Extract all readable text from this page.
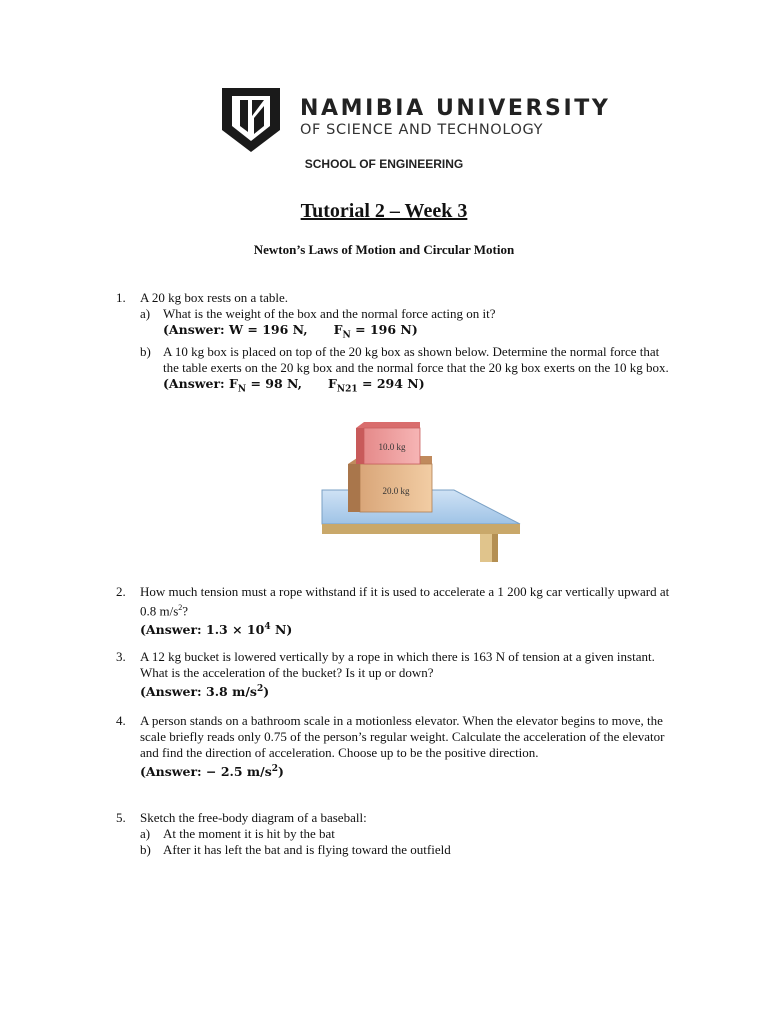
NAMIBIA UNIVERSITY
OF SCIENCE AND TECHNOLOGY
SCHOOL OF ENGINEERING
Tutorial 2 – Week 3
Newton’s Laws of Motion and Circular Motion
1. A 20 kg box rests on a table.
a) What is the weight of the box and the normal force acting on it?
(Answer: W = 196 N, $F_N = 196$ N)
b) A 10 kg box is placed on top of the 20 kg box as shown below. Determine the normal force that the table exerts on the 20 kg box and the normal force that the 20 kg box exerts on the 10 kg box.
(Answer: $F_N = 98$ N, $F_{N21} = 294$ N)
10.0 kg
20.0 kg
2. How much tension must a rope withstand if it is used to accelerate a 1 200 kg car vertically upward at 0.8 $m/s^2$?
(Answer: $1.3 \times 10^4$ N)
3. A 12 kg bucket is lowered vertically by a rope in which there is 163 N of tension at a given instant. What is the acceleration of the bucket? Is it up or down?
(Answer: 3.8 $m/s^2$)
4. A person stands on a bathroom scale in a motionless elevator. When the elevator begins to move, the scale briefly reads only 0.75 of the person’s regular weight. Calculate the acceleration of the elevator and find the direction of acceleration. Choose up to be the positive direction.
(Answer: − 2.5 $m/s^2$)
5. Sketch the free-body diagram of a baseball:
a) At the moment it is hit by the bat
b) After it has left the bat and is flying toward the outfield
